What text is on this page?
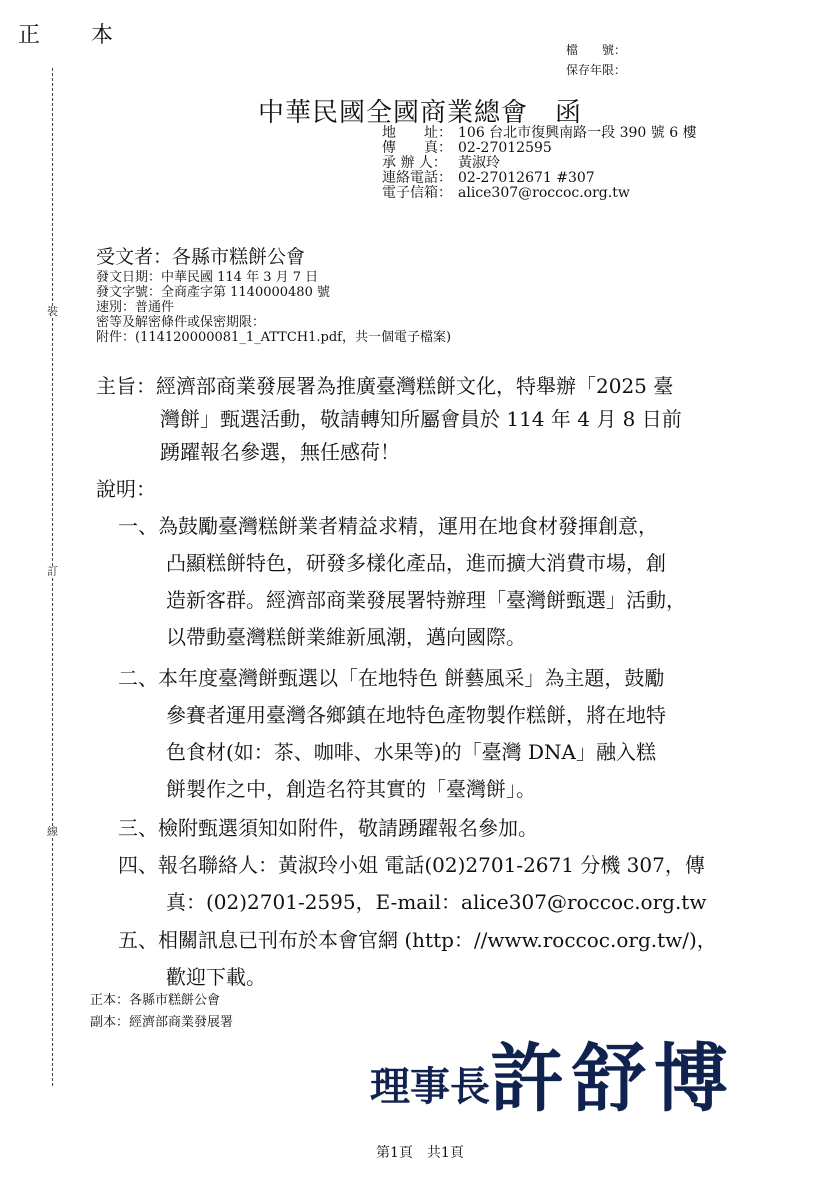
正 本
檔　　號：
保存年限：
裝
訂
線
中華民國全國商業總會　函
地　　址： 106 台北市復興南路一段 390 號 6 樓
傳　　真： 02-27012595
承 辦 人： 黃淑玲
連絡電話： 02-27012671 #307
電子信箱： alice307@roccoc.org.tw
受文者：各縣市糕餅公會
發文日期：中華民國 114 年 3 月 7 日
發文字號：全商產字第 1140000480 號
速別：普通件
密等及解密條件或保密期限：
附件：(114120000081_1_ATTCH1.pdf，共一個電子檔案)
主旨：經濟部商業發展署為推廣臺灣糕餅文化，特舉辦「2025 臺
灣餅」甄選活動，敬請轉知所屬會員於 114 年 4 月 8 日前
踴躍報名參選，無任感荷！
說明：
一、為鼓勵臺灣糕餅業者精益求精，運用在地食材發揮創意，
凸顯糕餅特色，研發多樣化產品，進而擴大消費市場，創
造新客群。經濟部商業發展署特辦理「臺灣餅甄選」活動，
以帶動臺灣糕餅業維新風潮，邁向國際。
二、本年度臺灣餅甄選以「在地特色 餅藝風采」為主題，鼓勵
參賽者運用臺灣各鄉鎮在地特色產物製作糕餅，將在地特
色食材(如：茶、咖啡、水果等)的「臺灣 DNA」融入糕
餅製作之中，創造名符其實的「臺灣餅」。
三、檢附甄選須知如附件，敬請踴躍報名參加。
四、報名聯絡人：黃淑玲小姐 電話(02)2701-2671 分機 307，傳
真：(02)2701-2595，E-mail：alice307@roccoc.org.tw
五、相關訊息已刊布於本會官網 (http：//www.roccoc.org.tw/)，
歡迎下載。
正本：各縣市糕餅公會
副本：經濟部商業發展署
理事長 許舒博
第1頁　共1頁
